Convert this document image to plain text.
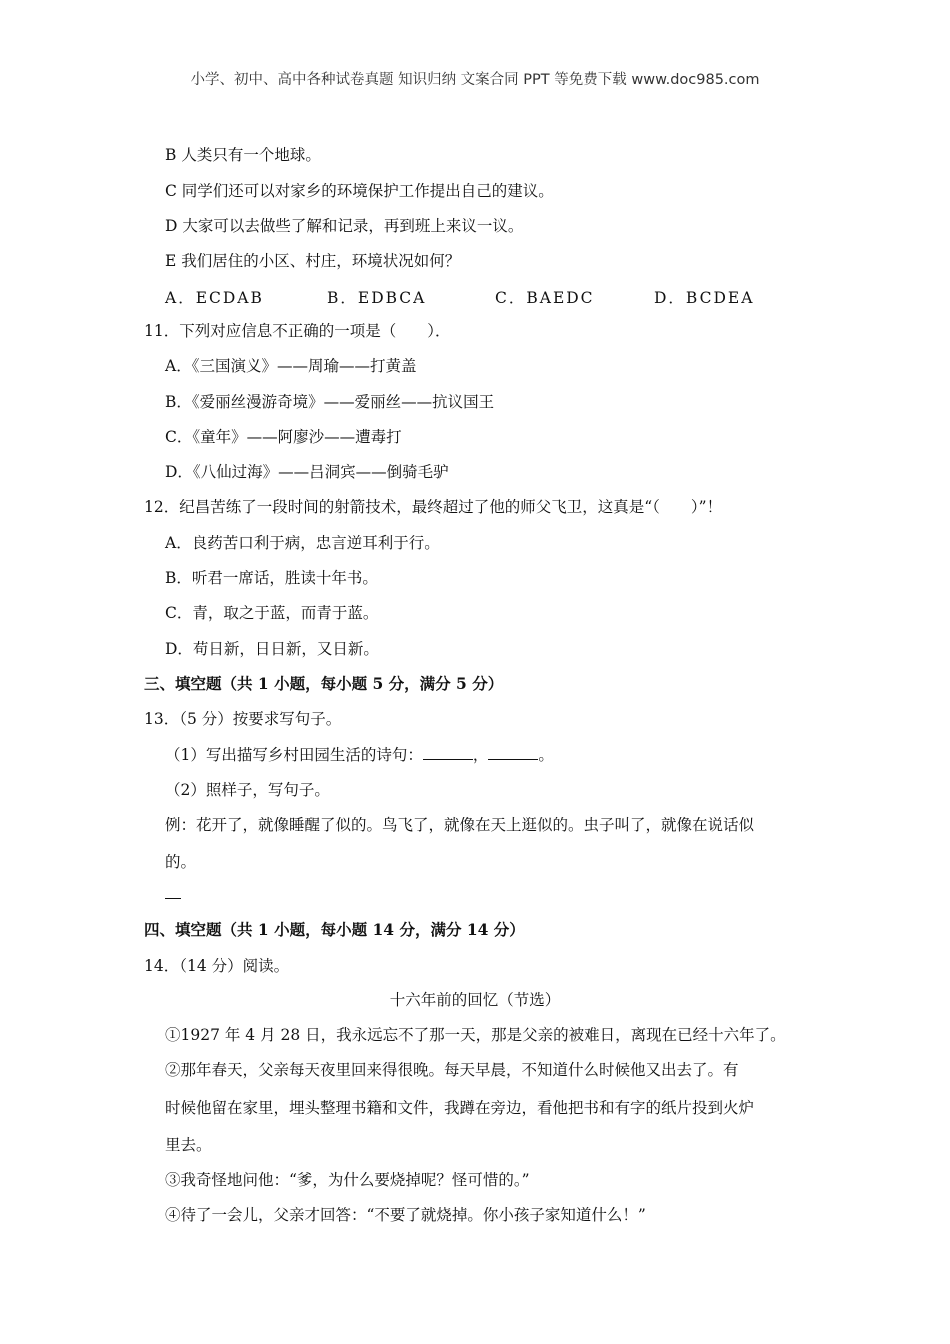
小学、初中、高中各种试卷真题 知识归纳 文案合同 PPT 等免费下载 www.doc985.com
B 人类只有一个地球。
C 同学们还可以对家乡的环境保护工作提出自己的建议。
D 大家可以去做些了解和记录，再到班上来议一议。
E 我们居住的小区、村庄，环境状况如何？
A．ECDAB	B．EDBCA	C．BAEDC	D．BCDEA
11．下列对应信息不正确的一项是（　　）．
A．《三国演义》——周瑜——打黄盖
B．《爱丽丝漫游奇境》——爱丽丝——抗议国王
C．《童年》——阿廖沙——遭毒打
D．《八仙过海》——吕洞宾——倒骑毛驴
12．纪昌苦练了一段时间的射箭技术，最终超过了他的师父飞卫，这真是“（　　）”！
A．良药苦口利于病，忠言逆耳利于行。
B．听君一席话，胜读十年书。
C．青，取之于蓝，而青于蓝。
D．苟日新，日日新，又日新。
三、填空题（共 1 小题，每小题 5 分，满分 5 分）
13．（5 分）按要求写句子。
（1）写出描写乡村田园生活的诗句：	，	。
（2）照样子，写句子。
例：花开了，就像睡醒了似的。鸟飞了，就像在天上逛似的。虫子叫了，就像在说话似
的。
四、填空题（共 1 小题，每小题 14 分，满分 14 分）
14．（14 分）阅读。
十六年前的回忆（节选）
①1927 年 4 月 28 日，我永远忘不了那一天，那是父亲的被难日，离现在已经十六年了。
②那年春天，父亲每天夜里回来得很晚。每天早晨，不知道什么时候他又出去了。有
时候他留在家里，埋头整理书籍和文件，我蹲在旁边，看他把书和有字的纸片投到火炉
里去。
③我奇怪地问他：“爹，为什么要烧掉呢？怪可惜的。”
④待了一会儿，父亲才回答：“不要了就烧掉。你小孩子家知道什么！”
